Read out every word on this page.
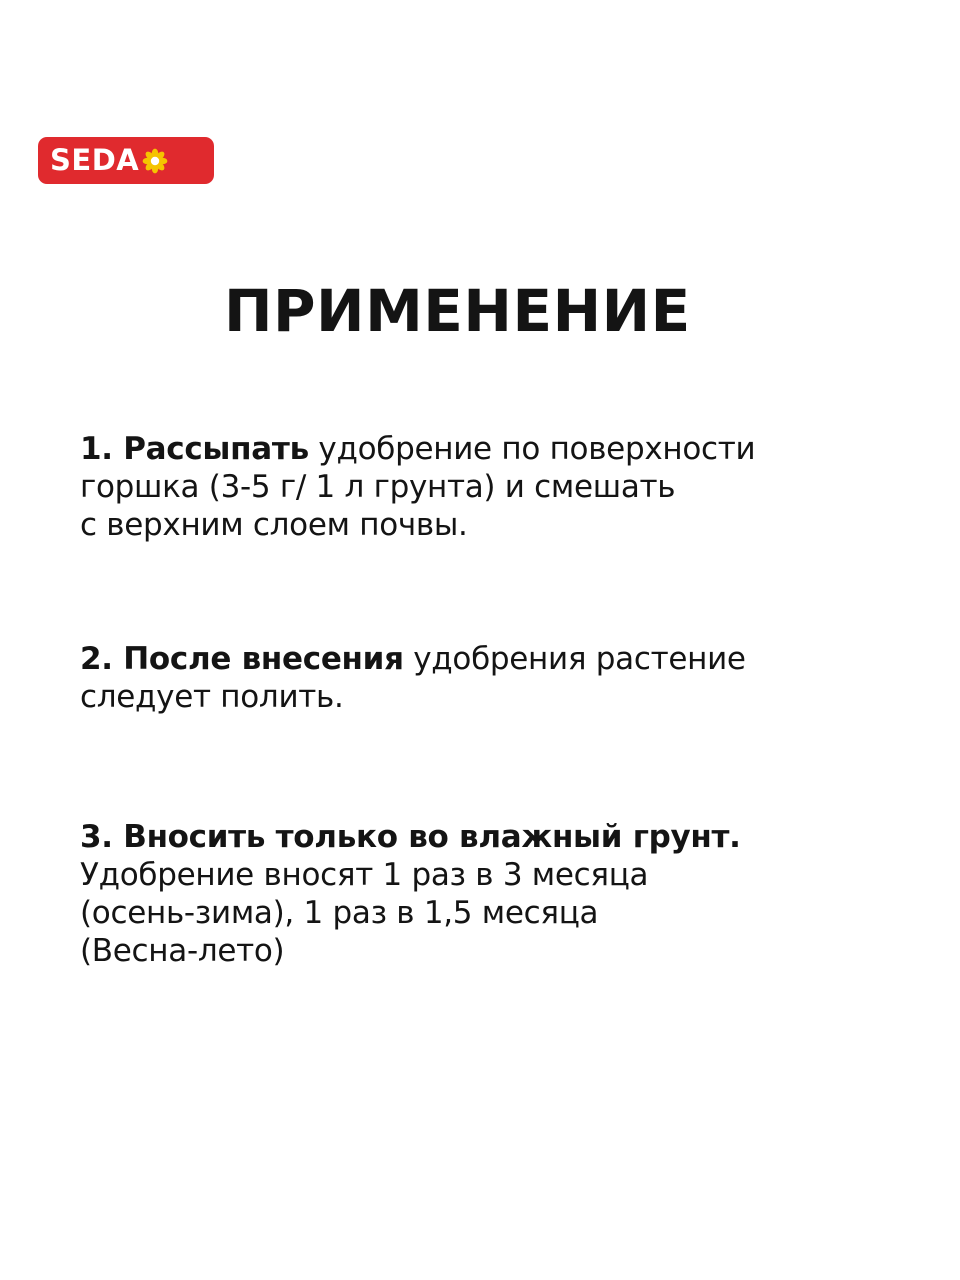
SEDA
ПРИМЕНЕНИЕ

1. Рассыпать удобрение по поверхности
горшка (3-5 г/ 1 л грунта) и смешать
с верхним слоем почвы.

2. После внесения удобрения растение
следует полить.

3. Вносить только во влажный грунт.
Удобрение вносят 1 раз в 3 месяца
(осень-зима), 1 раз в 1,5 месяца
(Весна-лето)
